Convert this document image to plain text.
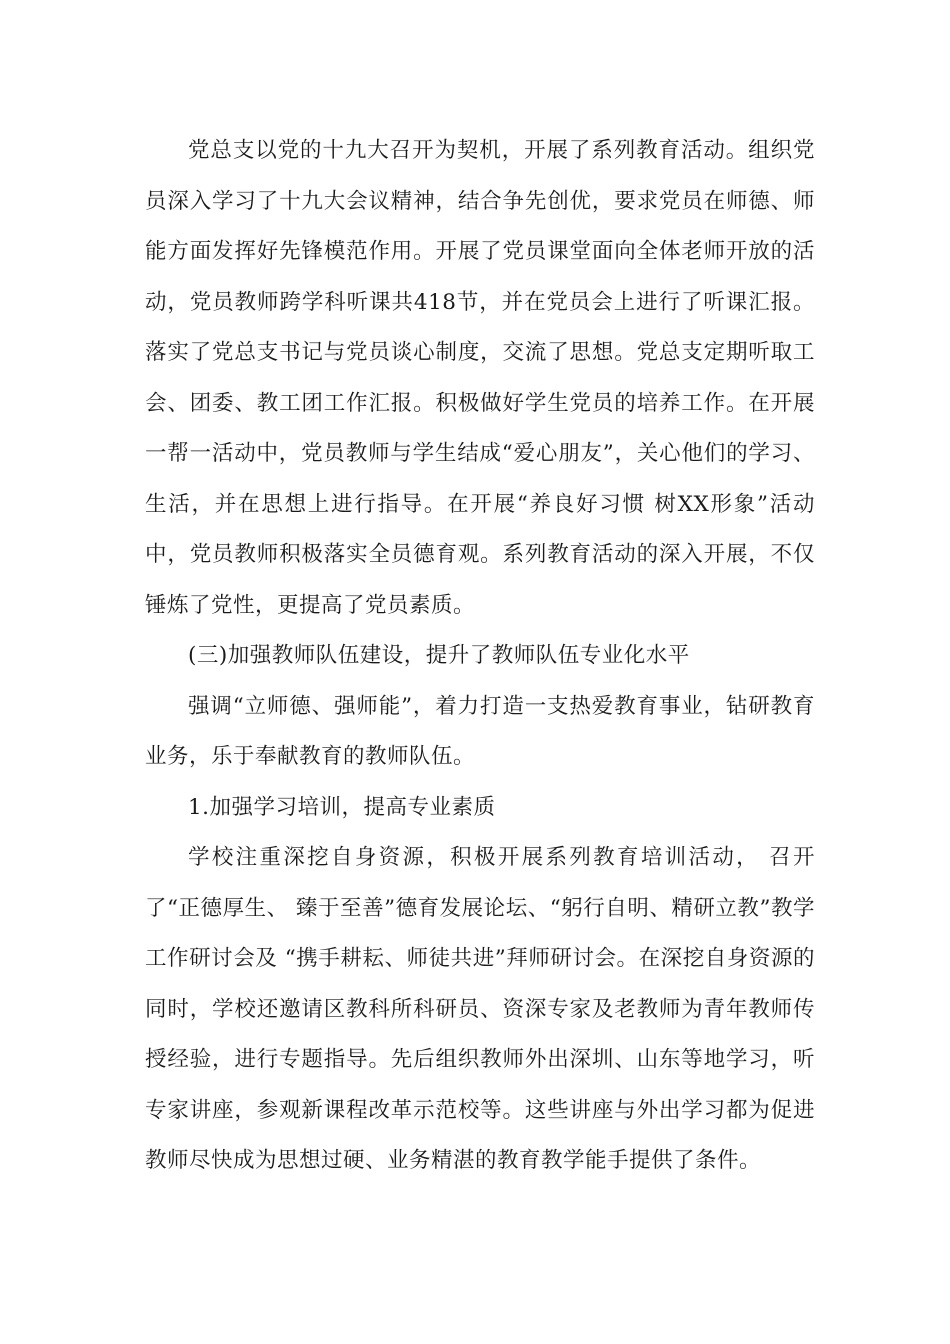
党总支以党的十九大召开为契机，开展了系列教育活动。组织党员深入学习了十九大会议精神，结合争先创优，要求党员在师德、师能方面发挥好先锋模范作用。开展了党员课堂面向全体老师开放的活动，党员教师跨学科听课共418节，并在党员会上进行了听课汇报。落实了党总支书记与党员谈心制度，交流了思想。党总支定期听取工会、团委、教工团工作汇报。积极做好学生党员的培养工作。在开展一帮一活动中，党员教师与学生结成“爱心朋友”，关心他们的学习、生活，并在思想上进行指导。在开展“养良好习惯 树XX形象”活动中，党员教师积极落实全员德育观。系列教育活动的深入开展，不仅锤炼了党性，更提高了党员素质。

(三)加强教师队伍建设，提升了教师队伍专业化水平

强调“立师德、强师能”，着力打造一支热爱教育事业，钻研教育业务，乐于奉献教育的教师队伍。

1.加强学习培训，提高专业素质

学校注重深挖自身资源，积极开展系列教育培训活动， 召开了“正德厚生、 臻于至善”德育发展论坛、“躬行自明、精研立教”教学工作研讨会及 “携手耕耘、师徒共进”拜师研讨会。在深挖自身资源的同时，学校还邀请区教科所科研员、资深专家及老教师为青年教师传授经验，进行专题指导。先后组织教师外出深圳、山东等地学习，听专家讲座，参观新课程改革示范校等。这些讲座与外出学习都为促进教师尽快成为思想过硬、业务精湛的教育教学能手提供了条件。
